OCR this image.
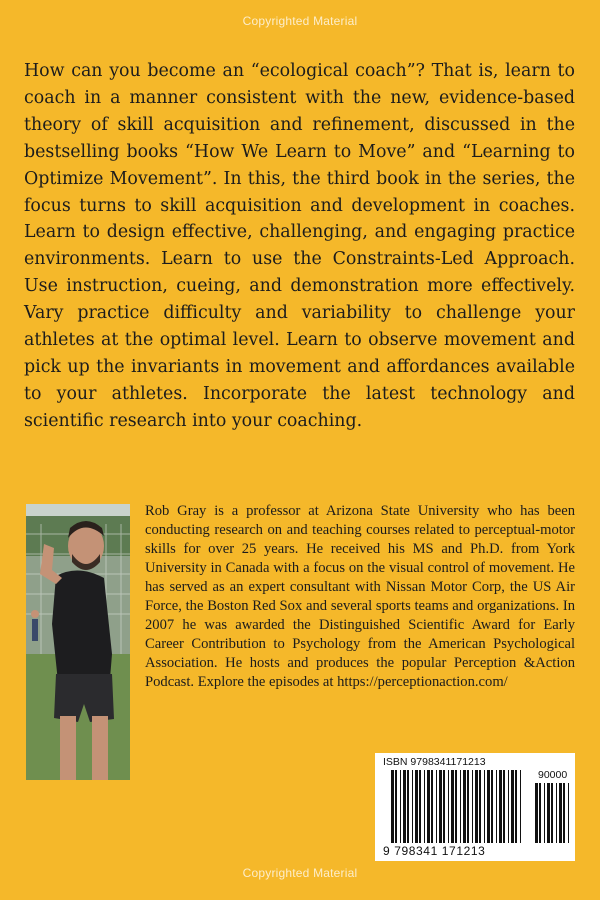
Copyrighted Material

How can you become an “ecological coach”? That is, learn to coach in a manner consistent with the new, evidence-based theory of skill acquisition and refinement, discussed in the bestselling books “How We Learn to Move” and “Learning to Optimize Movement”. In this, the third book in the series, the focus turns to skill acquisition and development in coaches. Learn to design effective, challenging, and engaging practice environments. Learn to use the Constraints-Led Approach. Use instruction, cueing, and demonstration more effectively. Vary practice difficulty and variability to challenge your athletes at the optimal level. Learn to observe movement and pick up the invariants in movement and affordances available to your athletes. Incorporate the latest technology and scientific research into your coaching.

Rob Gray is a professor at Arizona State University who has been conducting research on and teaching courses related to perceptual-motor skills for over 25 years. He received his MS and Ph.D. from York University in Canada with a focus on the visual control of movement. He has served as an expert consultant with Nissan Motor Corp, the US Air Force, the Boston Red Sox and several sports teams and organizations. In 2007 he was awarded the Distinguished Scientific Award for Early Career Contribution to Psychology from the American Psychological Association. He hosts and produces the popular Perception &Action Podcast. Explore the episodes at https://perceptionaction.com/

ISBN 9798341171213
90000
9 798341 171213
Copyrighted Material
